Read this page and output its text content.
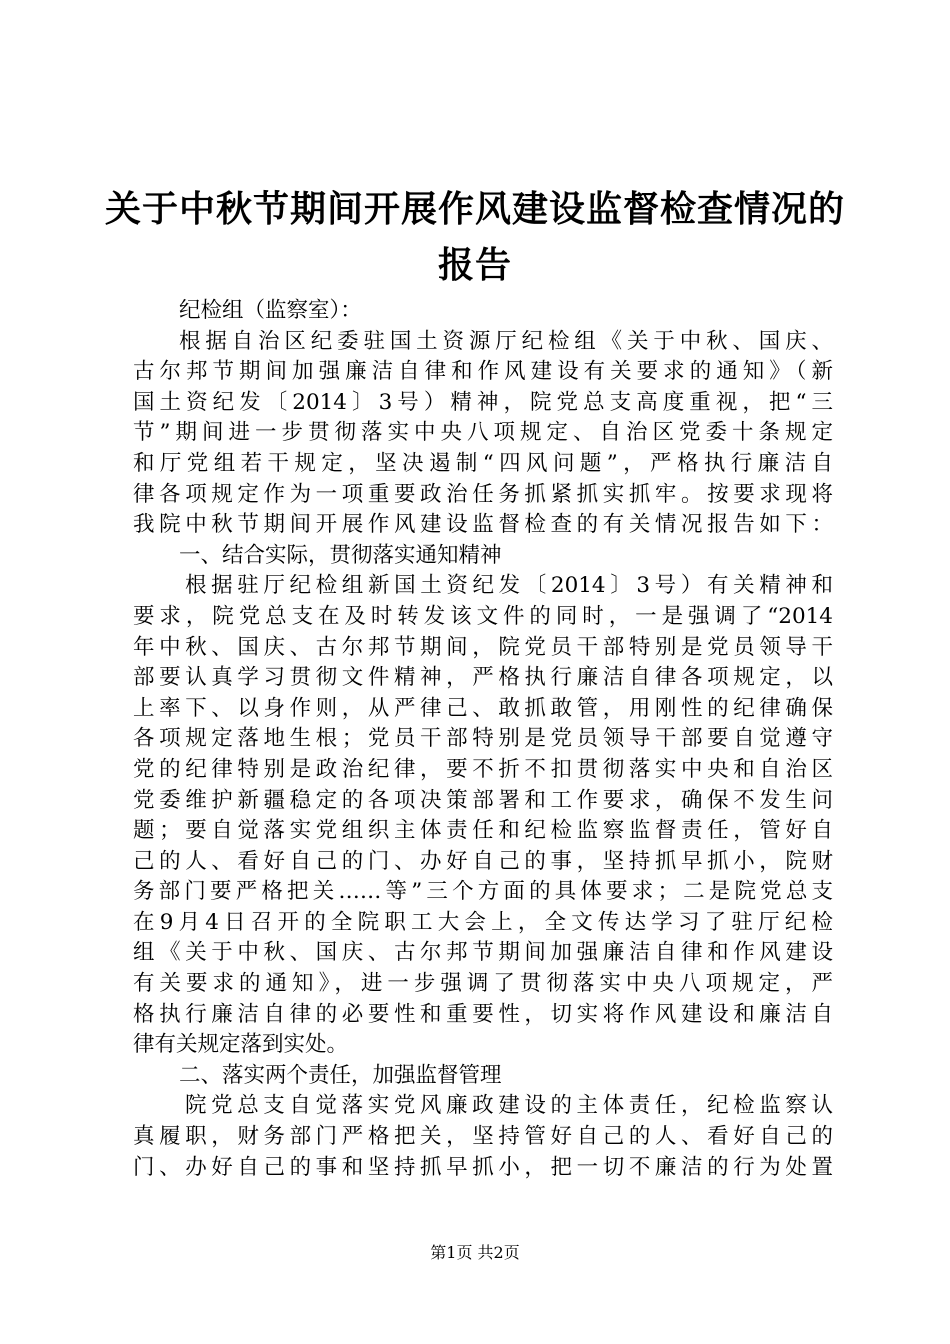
关于中秋节期间开展作风建设监督检查情况的
报告
纪检组（监察室）：
根据自治区纪委驻国土资源厅纪检组《关于中秋、国庆、
古尔邦节期间加强廉洁自律和作风建设有关要求的通知》（新
国土资纪发〔2014〕3号）精神，院党总支高度重视，把“三
节”期间进一步贯彻落实中央八项规定、自治区党委十条规定
和厅党组若干规定，坚决遏制“四风问题”，严格执行廉洁自
律各项规定作为一项重要政治任务抓紧抓实抓牢。按要求现将
我院中秋节期间开展作风建设监督检查的有关情况报告如下：
一、结合实际，贯彻落实通知精神
根据驻厅纪检组新国土资纪发〔2014〕3号）有关精神和
要求，院党总支在及时转发该文件的同时，一是强调了“2014
年中秋、国庆、古尔邦节期间，院党员干部特别是党员领导干
部要认真学习贯彻文件精神，严格执行廉洁自律各项规定，以
上率下、以身作则，从严律己、敢抓敢管，用刚性的纪律确保
各项规定落地生根；党员干部特别是党员领导干部要自觉遵守
党的纪律特别是政治纪律，要不折不扣贯彻落实中央和自治区
党委维护新疆稳定的各项决策部署和工作要求，确保不发生问
题；要自觉落实党组织主体责任和纪检监察监督责任，管好自
己的人、看好自己的门、办好自己的事，坚持抓早抓小，院财
务部门要严格把关……等”三个方面的具体要求；二是院党总支
在9月4日召开的全院职工大会上，全文传达学习了驻厅纪检
组《关于中秋、国庆、古尔邦节期间加强廉洁自律和作风建设
有关要求的通知》，进一步强调了贯彻落实中央八项规定，严
格执行廉洁自律的必要性和重要性，切实将作风建设和廉洁自
律有关规定落到实处。
二、落实两个责任，加强监督管理
院党总支自觉落实党风廉政建设的主体责任，纪检监察认
真履职，财务部门严格把关，坚持管好自己的人、看好自己的
门、办好自己的事和坚持抓早抓小，把一切不廉洁的行为处置
第1页 共2页
